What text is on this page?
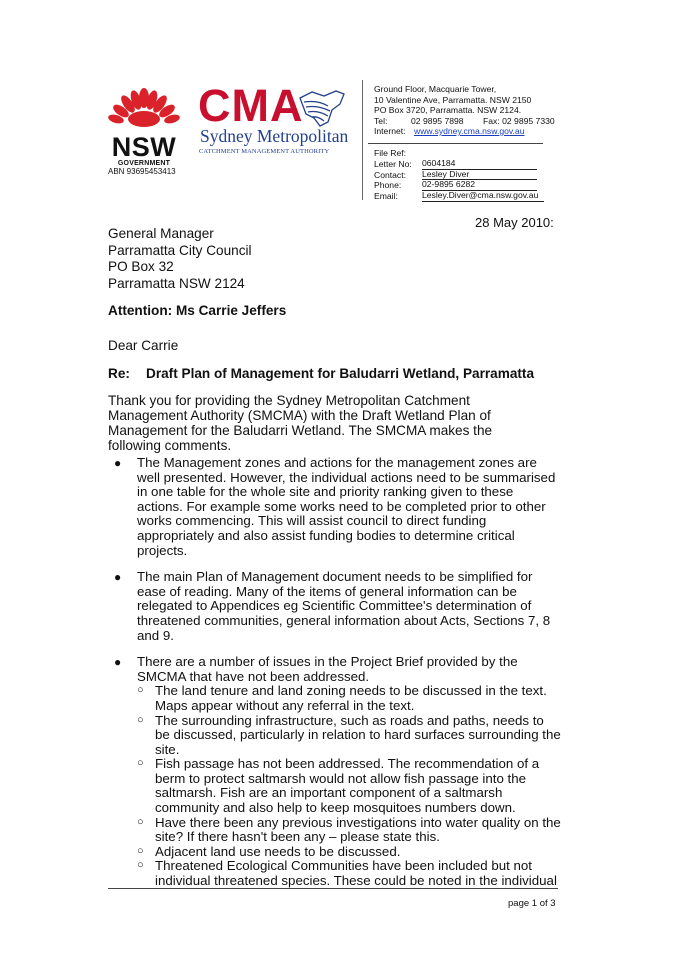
NSW
GOVERNMENT
CMA
Sydney Metropolitan
CATCHMENT MANAGEMENT AUTHORITY
ABN 93695453413
Ground Floor, Macquarie Tower,
10 Valentine Ave, Parramatta. NSW 2150
PO Box 3720, Parramatta. NSW 2124.
Tel:	02 9895 7898	Fax: 02 9895 7330
Internet: www.sydney.cma.nsw.gov.au
File Ref:
Letter No:	0604184
Contact:	Lesley Diver
Phone:	02-9895 6282
Email:	Lesley.Diver@cma.nsw.gov.au
28 May 2010:
General Manager
Parramatta City Council
PO Box 32
Parramatta NSW 2124
Attention: Ms Carrie Jeffers
Dear Carrie
Re: Draft Plan of Management for Baludarri Wetland, Parramatta
Thank you for providing the Sydney Metropolitan Catchment Management Authority (SMCMA) with the Draft Wetland Plan of Management for the Baludarri Wetland. The SMCMA makes the following comments.
● The Management zones and actions for the management zones are well presented. However, the individual actions need to be summarised in one table for the whole site and priority ranking given to these actions. For example some works need to be completed prior to other works commencing. This will assist council to direct funding appropriately and also assist funding bodies to determine critical projects.
● The main Plan of Management document needs to be simplified for ease of reading. Many of the items of general information can be relegated to Appendices eg Scientific Committee's determination of threatened communities, general information about Acts, Sections 7, 8 and 9.
● There are a number of issues in the Project Brief provided by the SMCMA that have not been addressed.
○ The land tenure and land zoning needs to be discussed in the text. Maps appear without any referral in the text.
○ The surrounding infrastructure, such as roads and paths, needs to be discussed, particularly in relation to hard surfaces surrounding the site.
○ Fish passage has not been addressed. The recommendation of a berm to protect saltmarsh would not allow fish passage into the saltmarsh. Fish are an important component of a saltmarsh community and also help to keep mosquitoes numbers down.
○ Have there been any previous investigations into water quality on the site? If there hasn't been any – please state this.
○ Adjacent land use needs to be discussed.
○ Threatened Ecological Communities have been included but not individual threatened species. These could be noted in the individual
page 1 of 3
